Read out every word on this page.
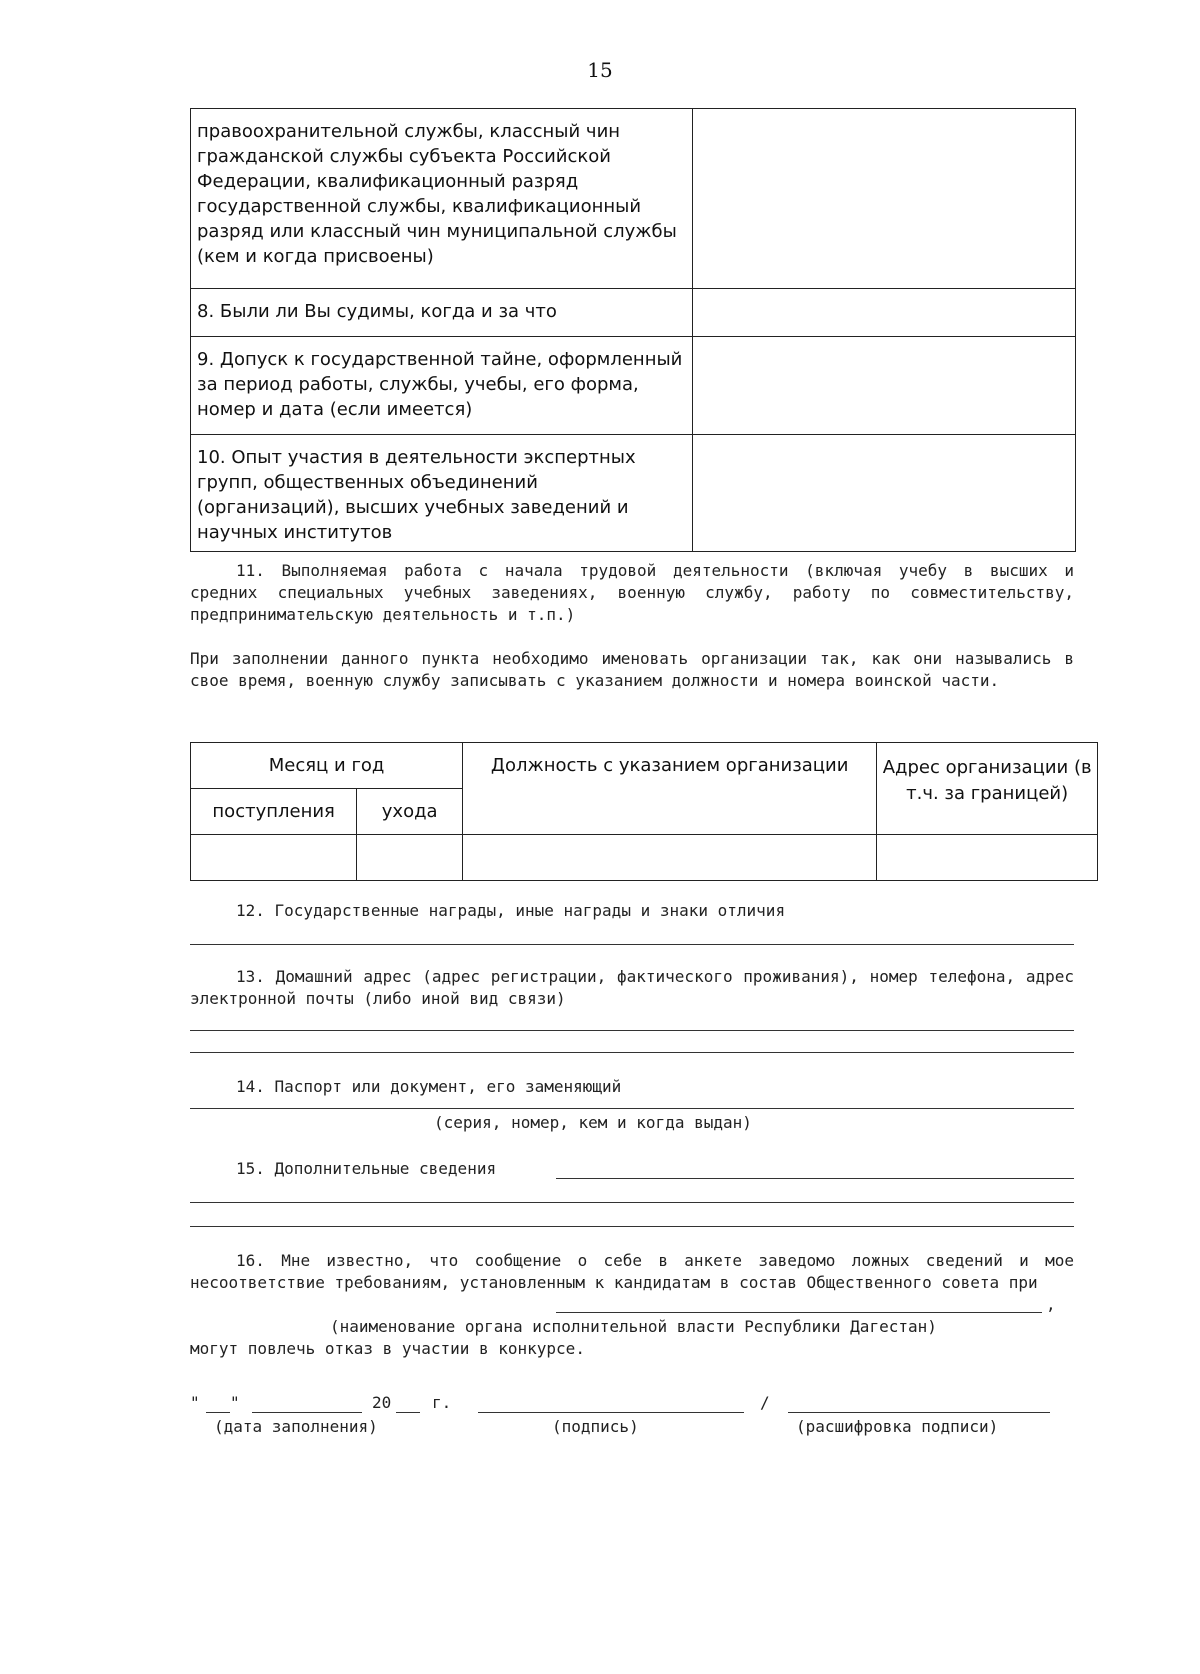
15
правоохранительной службы, классный чин гражданской службы субъекта Российской Федерации, квалификационный разряд государственной службы, квалификационный разряд или классный чин муниципальной службы (кем и когда присвоены)	
8. Были ли Вы судимы, когда и за что	
9. Допуск к государственной тайне, оформленный за период работы, службы, учебы, его форма, номер и дата (если имеется)	
10. Опыт участия в деятельности экспертных групп, общественных объединений (организаций), высших учебных заведений и научных институтов	
11. Выполняемая работа с начала трудовой деятельности (включая учебу в высших и средних специальных учебных заведениях, военную службу, работу по совместительству, предпринимательскую деятельность и т.п.)
При заполнении данного пункта необходимо именовать организации так, как они назывались в свое время, военную службу записывать с указанием должности и номера воинской части.
Месяц и год		Должность с указанием организации	Адрес организации (в т.ч. за границей)
поступления	ухода		

12. Государственные награды, иные награды и знаки отличия
13. Домашний адрес (адрес регистрации, фактического проживания), номер телефона, адрес электронной почты (либо иной вид связи)
14. Паспорт или документ, его заменяющий
(серия, номер, кем и когда выдан)
15. Дополнительные сведения
16. Мне известно, что сообщение о себе в анкете заведомо ложных сведений и мое несоответствие требованиям, установленным к кандидатам в состав Общественного совета при
,
(наименование органа исполнительной власти Республики Дагестан)
могут повлечь отказ в участии в конкурсе.
" "	20	г.	/
(дата заполнения)	(подпись)	(расшифровка подписи)
